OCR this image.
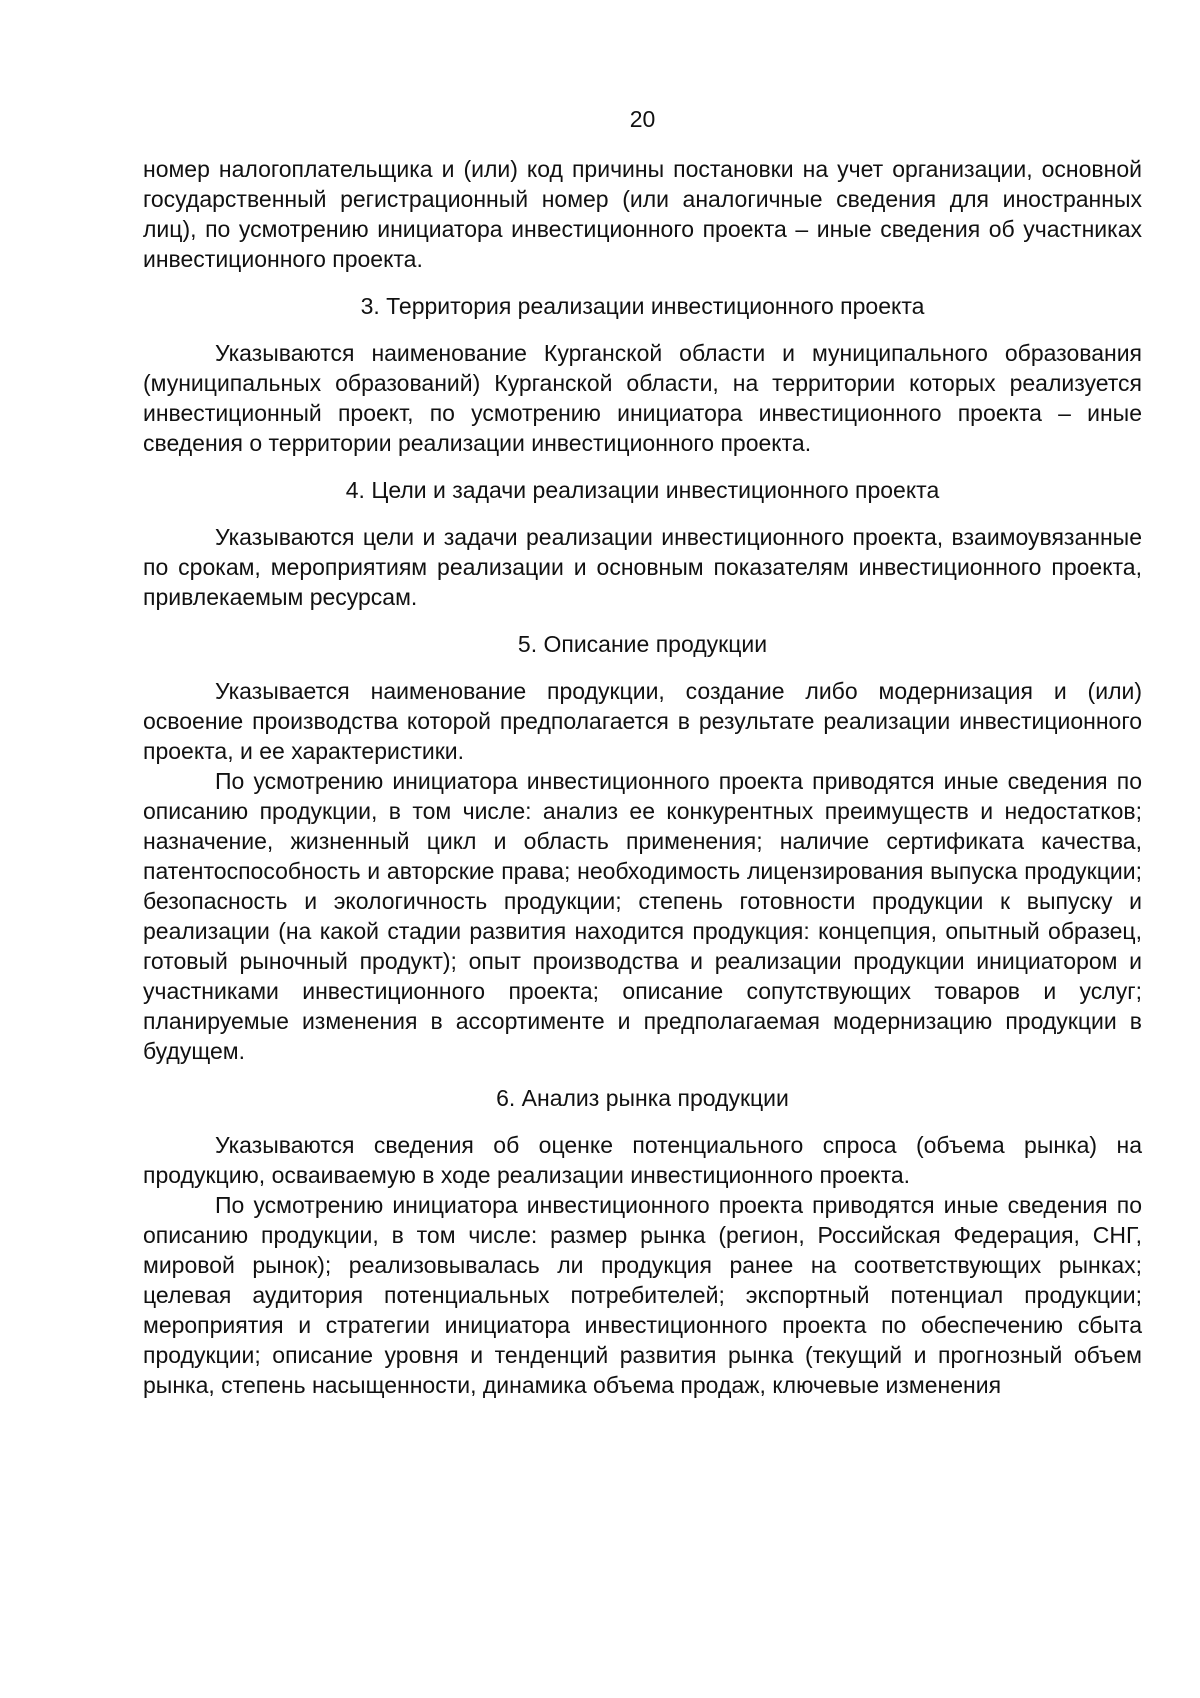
20

номер налогоплательщика и (или) код причины постановки на учет организации, основной государственный регистрационный номер (или аналогичные сведения для иностранных лиц), по усмотрению инициатора инвестиционного проекта – иные сведения об участниках инвестиционного проекта.

3. Территория реализации инвестиционного проекта

Указываются наименование Курганской области и муниципального образования (муниципальных образований) Курганской области, на территории которых реализуется инвестиционный проект, по усмотрению инициатора инвестиционного проекта – иные сведения о территории реализации инвестиционного проекта.

4. Цели и задачи реализации инвестиционного проекта

Указываются цели и задачи реализации инвестиционного проекта, взаимоувязанные по срокам, мероприятиям реализации и основным показателям инвестиционного проекта, привлекаемым ресурсам.

5. Описание продукции

Указывается наименование продукции, создание либо модернизация и (или) освоение производства которой предполагается в результате реализации инвестиционного проекта, и ее характеристики.

По усмотрению инициатора инвестиционного проекта приводятся иные сведения по описанию продукции, в том числе: анализ ее конкурентных преимуществ и недостатков; назначение, жизненный цикл и область применения; наличие сертификата качества, патентоспособность и авторские права; необходимость лицензирования выпуска продукции; безопасность и экологичность продукции; степень готовности продукции к выпуску и реализации (на какой стадии развития находится продукция: концепция, опытный образец, готовый рыночный продукт); опыт производства и реализации продукции инициатором и участниками инвестиционного проекта; описание сопутствующих товаров и услуг; планируемые изменения в ассортименте и предполагаемая модернизацию продукции в будущем.

6. Анализ рынка продукции

Указываются сведения об оценке потенциального спроса (объема рынка) на продукцию, осваиваемую в ходе реализации инвестиционного проекта.

По усмотрению инициатора инвестиционного проекта приводятся иные сведения по описанию продукции, в том числе: размер рынка (регион, Российская Федерация, СНГ, мировой рынок); реализовывалась ли продукция ранее на соответствующих рынках; целевая аудитория потенциальных потребителей; экспортный потенциал продукции; мероприятия и стратегии инициатора инвестиционного проекта по обеспечению сбыта продукции; описание уровня и тенденций развития рынка (текущий и прогнозный объем рынка, степень насыщенности, динамика объема продаж, ключевые изменения
